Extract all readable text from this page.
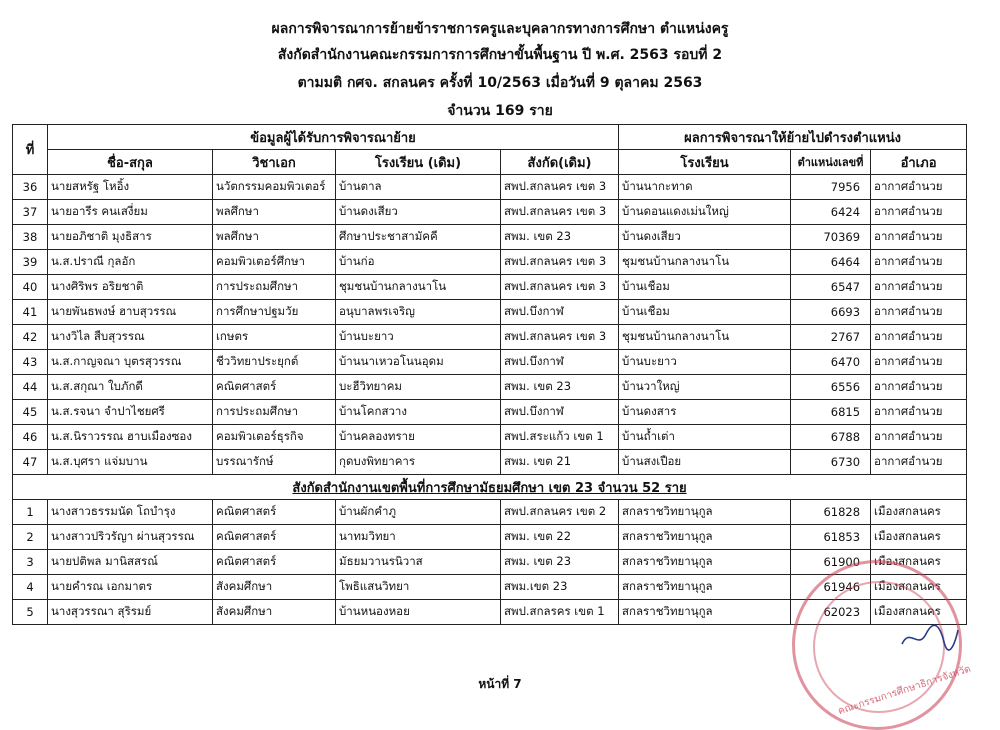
ผลการพิจารณาการย้ายข้าราชการครูและบุคลากรทางการศึกษา ตำแหน่งครู
สังกัดสำนักงานคณะกรรมการการศึกษาขั้นพื้นฐาน ปี พ.ศ. 2563 รอบที่ 2
ตามมติ กศจ. สกลนคร ครั้งที่ 10/2563 เมื่อวันที่ 9 ตุลาคม 2563
จำนวน 169 ราย
ที่	ข้อมูลผู้ได้รับการพิจารณาย้าย				ผลการพิจารณาให้ย้ายไปดำรงตำแหน่ง		
	ชื่อ-สกุล	วิชาเอก	โรงเรียน (เดิม)	สังกัด(เดิม)	โรงเรียน	ตำแหน่งเลขที่	อำเภอ
36	นายสหรัฐ โหอิ้ง	นวัตกรรมคอมพิวเตอร์	บ้านตาล	สพป.สกลนคร เขต 3	บ้านนากะทาด	7956	อากาศอำนวย
37	นายอารีร คนเสงี่ยม	พลศึกษา	บ้านดงเสียว	สพป.สกลนคร เขต 3	บ้านดอนแดงเม่นใหญ่	6424	อากาศอำนวย
38	นายอภิชาติ มุงธิสาร	พลศึกษา	ศึกษาประชาสามัคคี	สพม. เขต 23	บ้านดงเสียว	70369	อากาศอำนวย
39	น.ส.ปราณี กุลอัก	คอมพิวเตอร์ศึกษา	บ้านก่อ	สพป.สกลนคร เขต 3	ชุมชนบ้านกลางนาโน	6464	อากาศอำนวย
40	นางศิริพร อริยชาติ	การประถมศึกษา	ชุมชนบ้านกลางนาโน	สพป.สกลนคร เขต 3	บ้านเชือม	6547	อากาศอำนวย
41	นายพันธพงษ์ ฮาบสุวรรณ	การศึกษาปฐมวัย	อนุบาลพรเจริญ	สพป.บึงกาฬ	บ้านเชือม	6693	อากาศอำนวย
42	นางวิไล สืบสุวรรณ	เกษตร	บ้านบะยาว	สพป.สกลนคร เขต 3	ชุมชนบ้านกลางนาโน	2767	อากาศอำนวย
43	น.ส.กาญจณา บุตรสุวรรณ	ชีววิทยาประยุกต์	บ้านนาเหวอโนนอุดม	สพป.บึงกาฬ	บ้านบะยาว	6470	อากาศอำนวย
44	น.ส.สกุณา ใบภักดี	คณิตศาสตร์	บะฮีวิทยาคม	สพม. เขต 23	บ้านวาใหญ่	6556	อากาศอำนวย
45	น.ส.รจนา จำปาไชยศรี	การประถมศึกษา	บ้านโคกสวาง	สพป.บึงกาฬ	บ้านดงสาร	6815	อากาศอำนวย
46	น.ส.นิราวรรณ ฮาบเมืองซอง	คอมพิวเตอร์ธุรกิจ	บ้านคลองทราย	สพป.สระแก้ว เขต 1	บ้านถ้ำเต่า	6788	อากาศอำนวย
47	น.ส.บุศรา แจ่มบาน	บรรณารักษ์	กุดบงพิทยาคาร	สพม. เขต 21	บ้านสงเปือย	6730	อากาศอำนวย
สังกัดสำนักงานเขตพื้นที่การศึกษามัธยมศึกษา เขต 23 จำนวน 52 ราย							
1	นางสาวธรรมนัด โถบำรุง	คณิตศาสตร์	บ้านผักคำภู	สพป.สกลนคร เขต 2	สกลราชวิทยานุกูล	61828	เมืองสกลนคร
2	นางสาวปริวรัญา ผ่านสุวรรณ	คณิตศาสตร์	นาทมวิทยา	สพม. เขต 22	สกลราชวิทยานุกูล	61853	เมืองสกลนคร
3	นายปติพล มานิสสรณ์	คณิตศาสตร์	มัธยมวานรนิวาส	สพม. เขต 23	สกลราชวิทยานุกูล	61900	เมืองสกลนคร
4	นายคำรณ เอกมาตร	สังคมศึกษา	โพธิแสนวิทยา	สพม.เขต 23	สกลราชวิทยานุกูล	61946	เมืองสกลนคร
5	นางสุวรรณา สุริรมย์	สังคมศึกษา	บ้านหนองหอย	สพป.สกลรคร เขต 1	สกลราชวิทยานุกูล	62023	เมืองสกลนคร
คณะกรรมการศึกษาธิการจังหวัด
หน้าที่ 7
